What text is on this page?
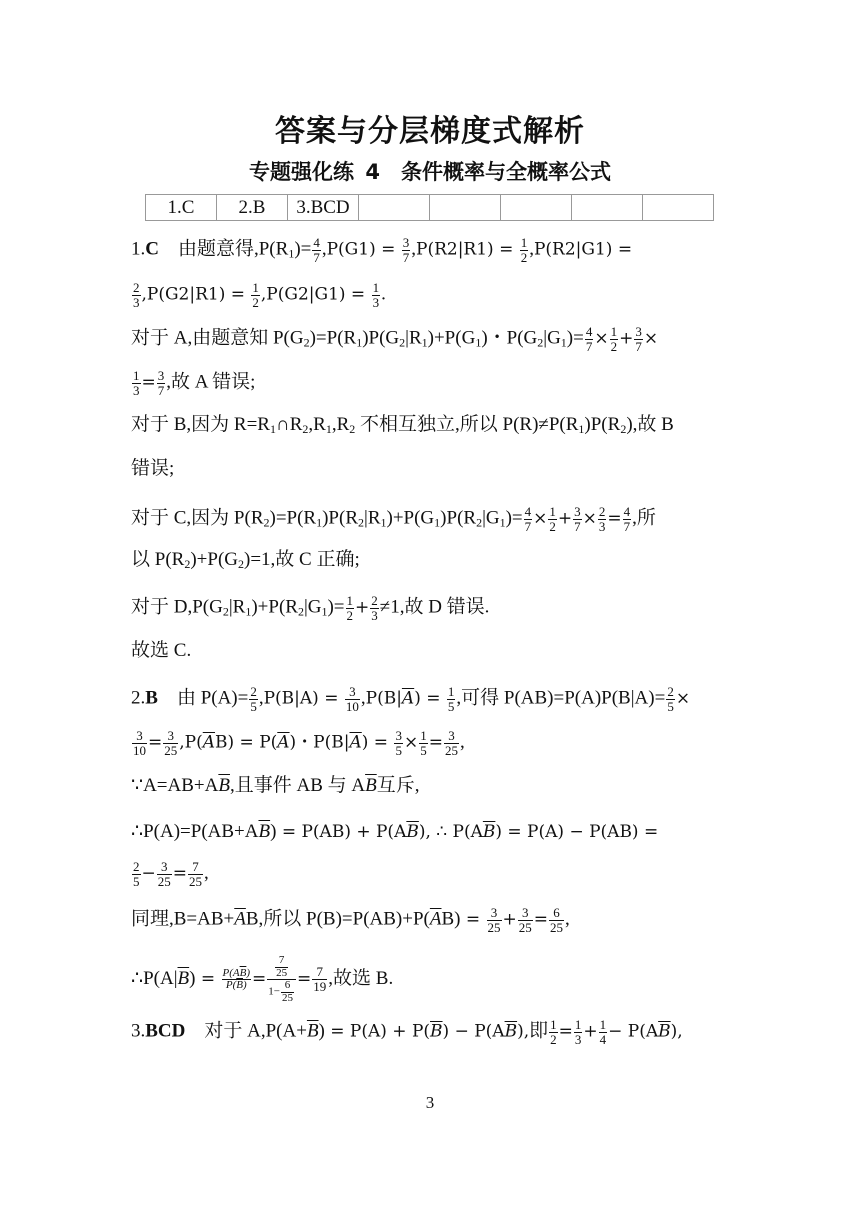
答案与分层梯度式解析
专题强化练 4　条件概率与全概率公式
1.C	2.B	3.BCD					
1.C    由题意得$,P(R_1)= \frac{4}{7} ,P(G1) = \frac{3}{7} ,P(R2|R1) = \frac{1}{2} ,P(R2|G1)$ =
$\frac{2}{3} ,P(G2|R1) = \frac{1}{2} ,P(G2|G1) = \frac{1}{3}$ .
对于 A,由题意知 $P(G_2)=P(R_1)P(G_2|R_1)+P(G_1)$・$P(G_2|G_1)= \frac{4}{7} \times \frac{1}{2} + \frac{3}{7}$ ×
$\frac{1}{3} = \frac{3}{7}$ ,故 A 错误;
对于 B,因为 $R=R_1\cap R_2,R_1,R_2$ 不相互独立,所以 $P(R)\ne P(R_1)P(R_2)$,故 B
错误;
对于 C,因为 $P(R_2)=P(R_1)P(R_2|R_1)+P(G_1)P(R_2|G_1)= \frac{4}{7} \times \frac{1}{2} + \frac{3}{7} \times \frac{2}{3} = \frac{4}{7}$ ,所
以 $P(R_2)+P(G_2)=1$,故 C 正确;
对于 $D,P(G_2|R_1)+P(R_2|G_1)= \frac{1}{2} + \frac{2}{3} \ne 1$,故 D 错误.
故选 C.
2.B    由 $P(A)= \frac{2}{5} ,P(B|A) = \frac{3}{10} ,P(B|\overline{A}) = \frac{1}{5}$ ,可得 $P(AB)=P(A)P(B|A)= \frac{2}{5}$ ×
$\frac{3}{10} = \frac{3}{25} ,P(\overline{A}B) = P(\overline{A})$・$P(B|\overline{A}) = \frac{3}{5} \times \frac{1}{5} = \frac{3}{25}$ ,
$\because A=AB+A\overline{B}$,且事件 AB 与 $A\overline{B}$互斥,
$\therefore P(A)=P(AB+A\overline{B}) = P(AB) + P(A\overline{B})$, ∴ $P(A\overline{B}) = P(A) - P(AB)$ =
$\frac{2}{5} - \frac{3}{25} = \frac{7}{25}$ ,
同理$,B=AB+\overline{A}B$,所以 $P(B)=P(AB)+P(\overline{A}B) = \frac{3}{25} + \frac{3}{25} = \frac{6}{25}$ ,
$\therefore P(A|\overline{B}) = \frac{P(A\overline{B})}{P(\overline{B})} = \frac{\frac{7}{25}}{1- \frac{6}{25}} = \frac{7}{19}$ ,故选 B.
3.BCD    对于 $A,P(A+\overline{B}) = P(A) + P(\overline{B}) - P(A\overline{B})$,即 $\frac{1}{2} = \frac{1}{3} + \frac{1}{4} - P(A\overline{B})$,
3
